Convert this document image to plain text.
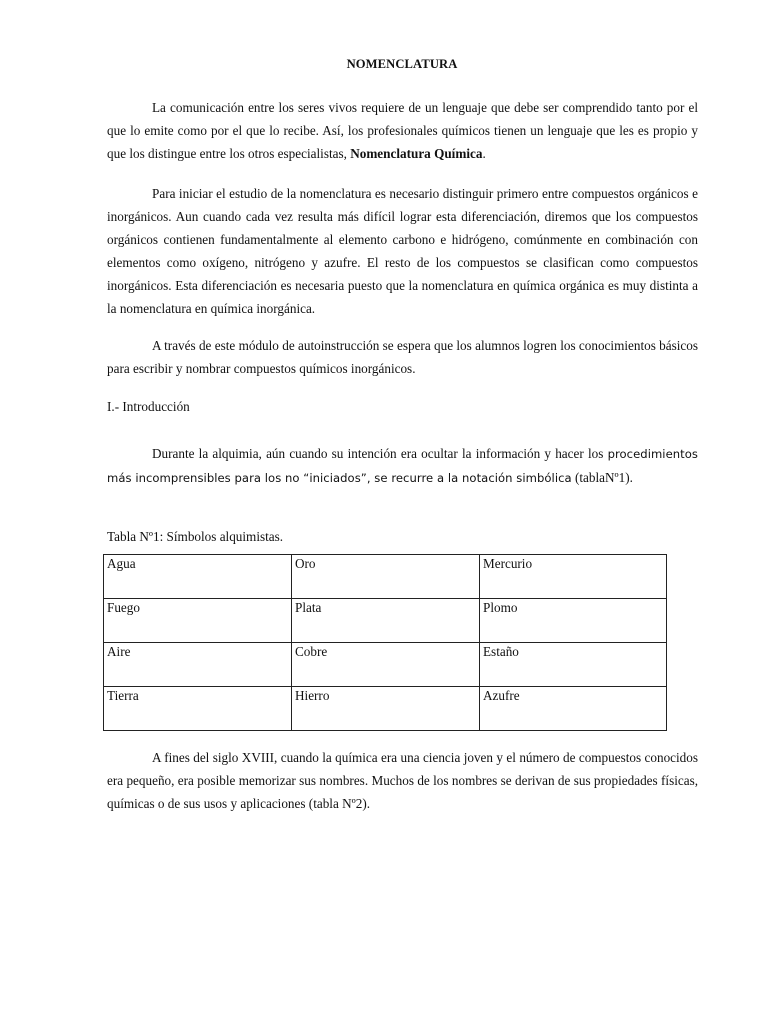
NOMENCLATURA

La comunicación entre los seres vivos requiere de un lenguaje que debe ser comprendido tanto por el que lo emite como por el que lo recibe. Así, los profesionales químicos tienen un lenguaje que les es propio y que los distingue entre los otros especialistas, Nomenclatura Química.

Para iniciar el estudio de la nomenclatura es necesario distinguir primero entre compuestos orgánicos e inorgánicos. Aun cuando cada vez resulta más difícil lograr esta diferenciación, diremos que los compuestos orgánicos contienen fundamentalmente al elemento carbono e hidrógeno, comúnmente en combinación con elementos como oxígeno, nitrógeno y azufre. El resto de los compuestos se clasifican como compuestos inorgánicos. Esta diferenciación es necesaria puesto que la nomenclatura en química orgánica es muy distinta a la nomenclatura en química inorgánica.

A través de este módulo de autoinstrucción se espera que los alumnos logren los conocimientos básicos para escribir y nombrar compuestos químicos inorgánicos.

I.- Introducción

Durante la alquimia, aún cuando su intención era ocultar la información y hacer los procedimientos más incomprensibles para los no “iniciados”, se recurre a la notación simbólica (tablaNº1).

Tabla Nº1: Símbolos alquimistas.

Agua	Oro	Mercurio
Fuego	Plata	Plomo
Aire	Cobre	Estaño
Tierra	Hierro	Azufre

A fines del siglo XVIII, cuando la química era una ciencia joven y el número de compuestos conocidos era pequeño, era posible memorizar sus nombres. Muchos de los nombres se derivan de sus propiedades físicas, químicas o de sus usos y aplicaciones (tabla Nº2).
